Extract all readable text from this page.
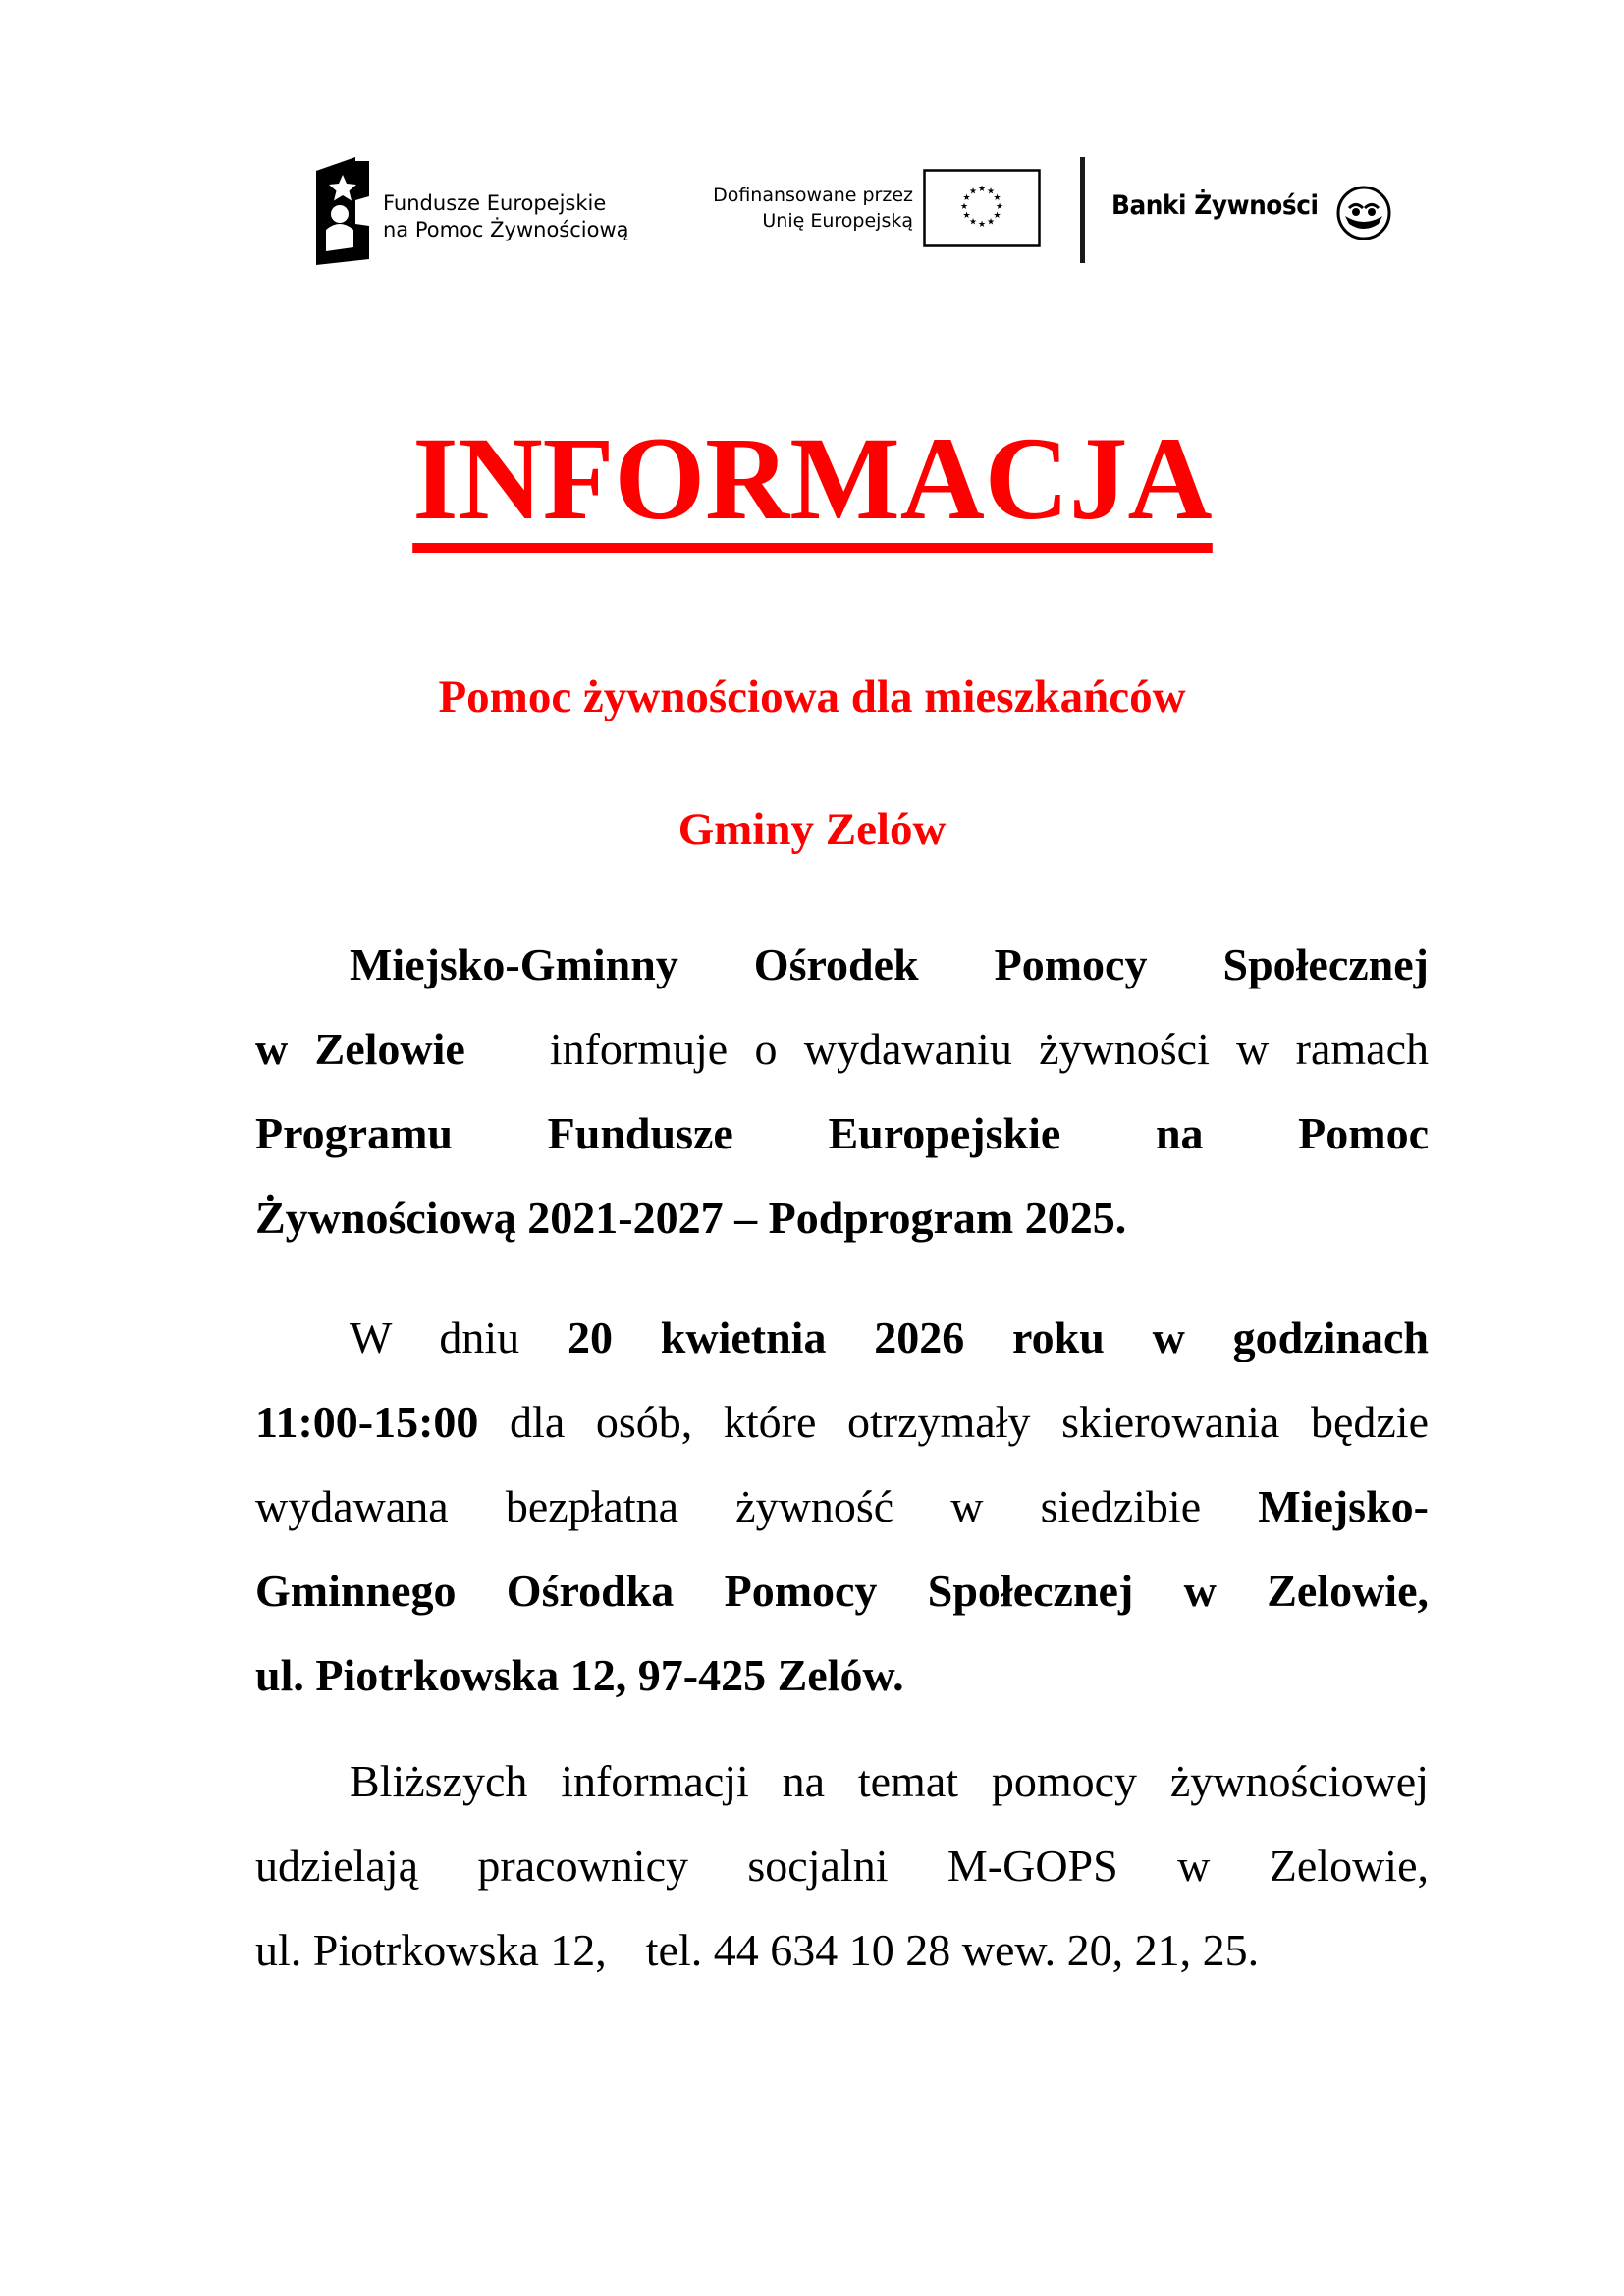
Fundusze Europejskie
na Pomoc Żywnościową
Dofinansowane przez
Unię Europejską
★ ★
★
★
★
★
★
★
★
★
★
★	Banki Żywności
INFORMACJA
Pomoc żywnościowa dla mieszkańców
Gminy Zelów
Miejsko-Gminny Ośrodek Pomocy Społecznej
w Zelowie informuje o wydawaniu żywności w ramach
Programu Fundusze Europejskie na Pomoc
Żywnościową 2021-2027 – Podprogram 2025.
W dniu 20 kwietnia 2026 roku w godzinach
11:00-15:00 dla osób, które otrzymały skierowania będzie
wydawana bezpłatna żywność w siedzibie Miejsko-
Gminnego Ośrodka Pomocy Społecznej w Zelowie,
ul. Piotrkowska 12, 97-425 Zelów.
Bliższych informacji na temat pomocy żywnościowej
udzielają pracownicy socjalni M-GOPS w Zelowie,
ul. Piotrkowska 12, tel. 44 634 10 28 wew. 20, 21, 25.
